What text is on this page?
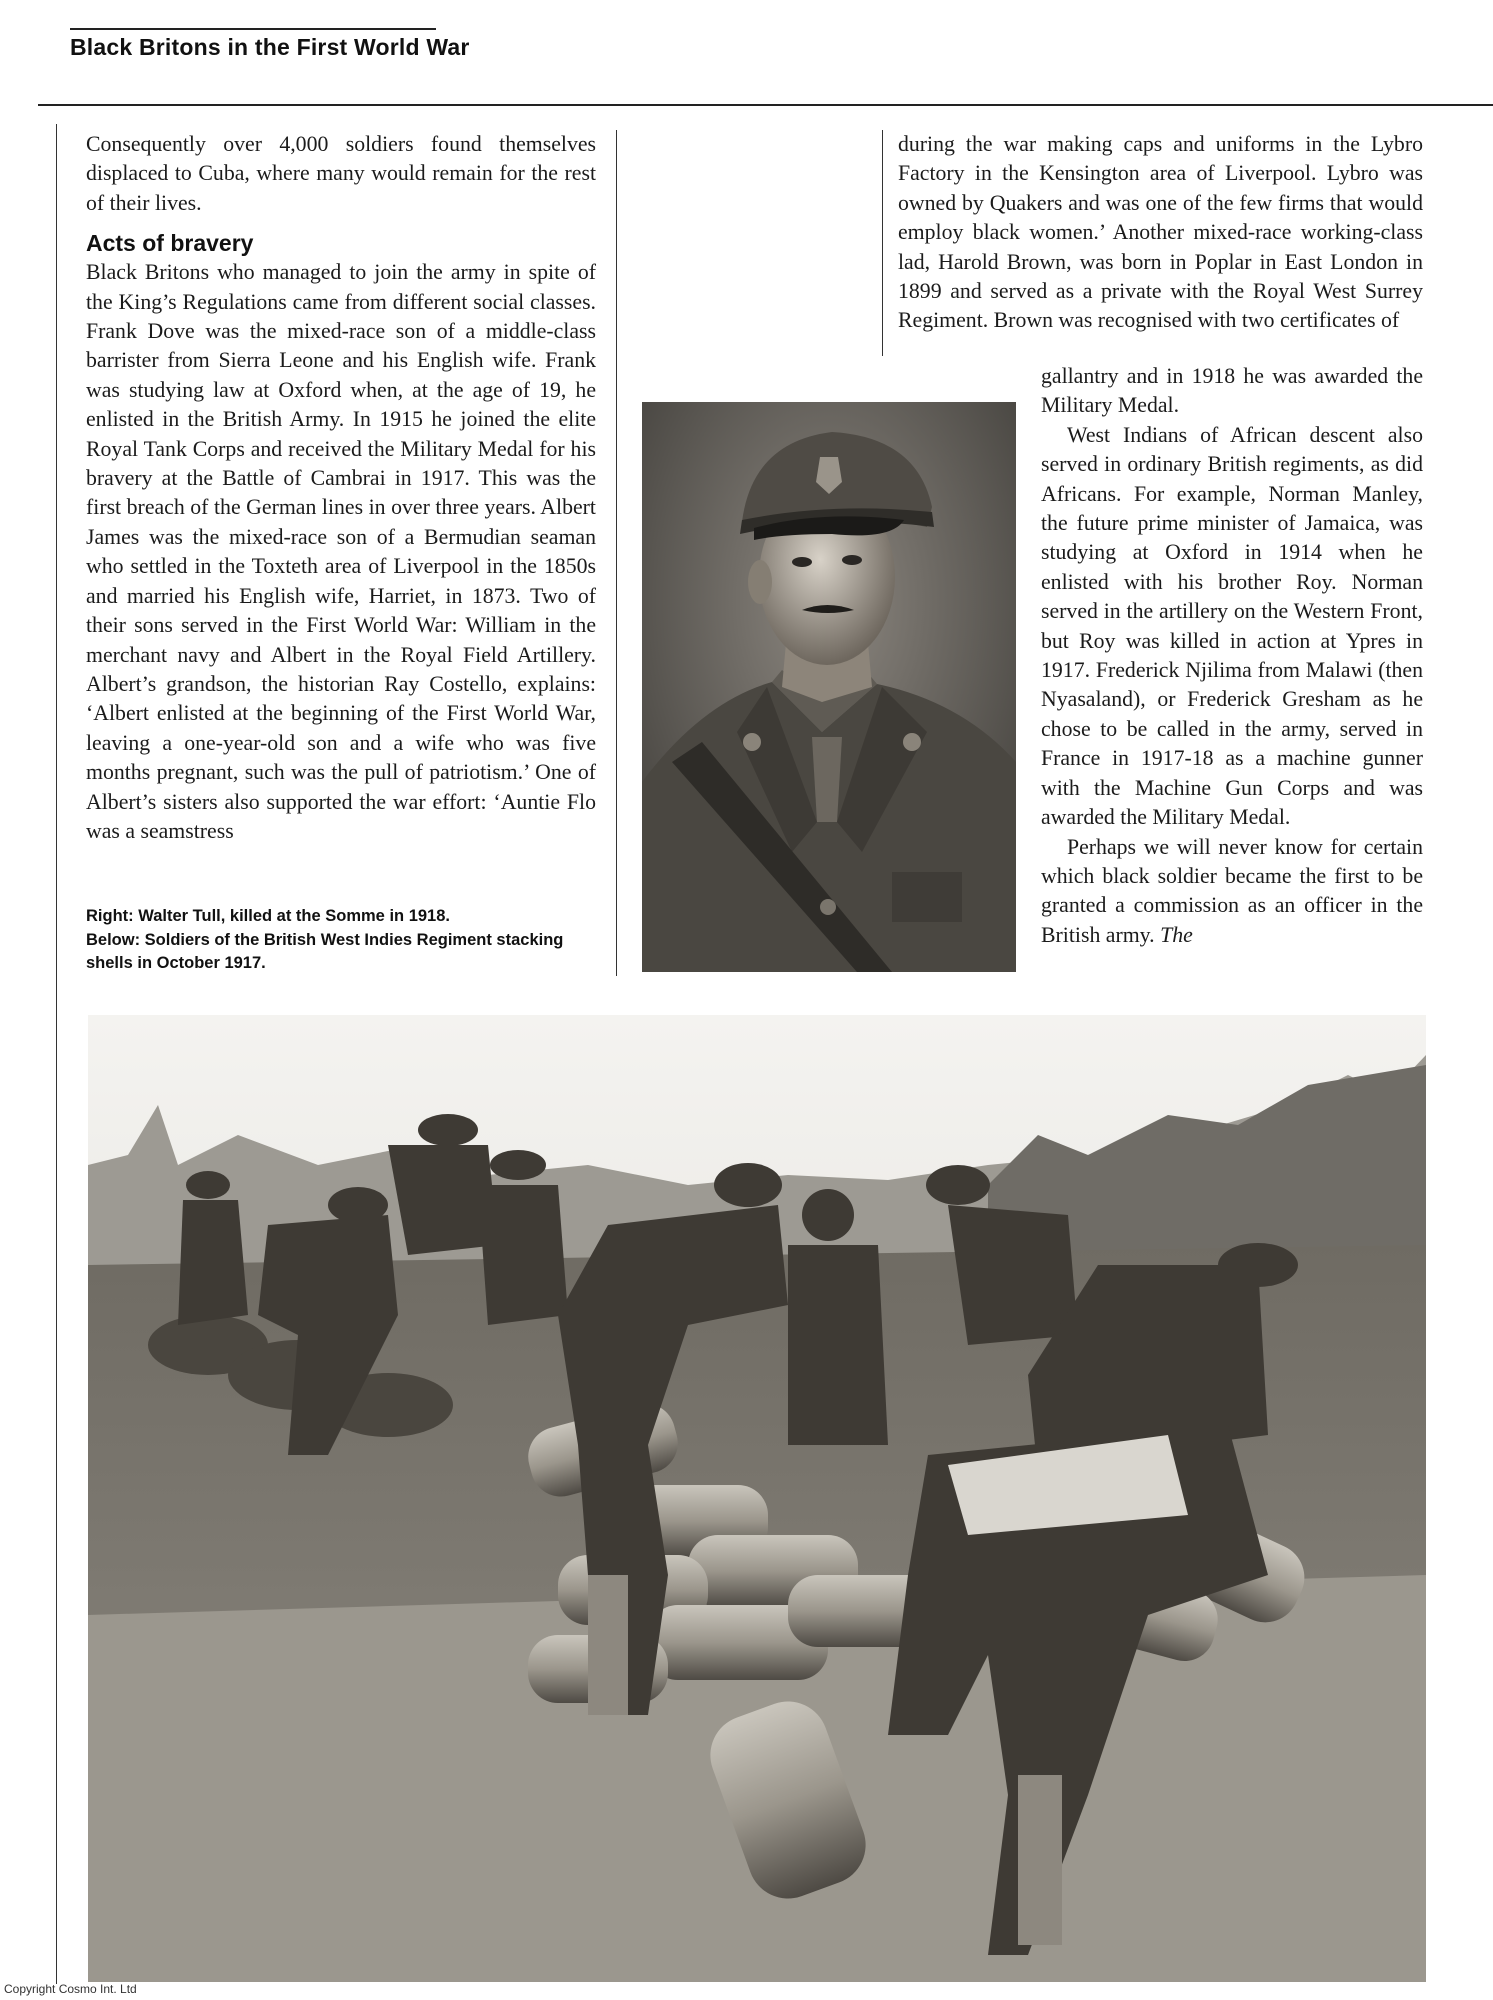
Black Britons in the First World War

Consequently over 4,000 soldiers found themselves displaced to Cuba, where many would remain for the rest of their lives.

Acts of bravery

Black Britons who managed to join the army in spite of the King’s Regulations came from different social classes. Frank Dove was the mixed-race son of a middle-class barrister from Sierra Leone and his English wife. Frank was studying law at Oxford when, at the age of 19, he enlisted in the British Army. In 1915 he joined the elite Royal Tank Corps and received the Military Medal for his bravery at the Battle of Cambrai in 1917. This was the first breach of the German lines in over three years. Albert James was the mixed-race son of a Bermudian seaman who settled in the Toxteth area of Liverpool in the 1850s and married his English wife, Harriet, in 1873. Two of their sons served in the First World War: William in the merchant navy and Albert in the Royal Field Artillery. Albert’s grandson, the historian Ray Costello, explains: ‘Albert enlisted at the beginning of the First World War, leaving a one-year-old son and a wife who was five months pregnant, such was the pull of patriotism.’ One of Albert’s sisters also supported the war effort: ‘Auntie Flo was a seamstress

Right: Walter Tull, killed at the Somme in 1918.

Below: Soldiers of the British West Indies Regiment stacking shells in October 1917.

during the war making caps and uniforms in the Lybro Factory in the Kensington area of Liverpool. Lybro was owned by Quakers and was one of the few firms that would employ black women.’ Another mixed-race working-class lad, Harold Brown, was born in Poplar in East London in 1899 and served as a private with the Royal West Surrey Regiment. Brown was recognised with two certificates of

gallantry and in 1918 he was awarded the Military Medal.

West Indians of African descent also served in ordinary British regiments, as did Africans. For example, Norman Manley, the future prime minister of Jamaica, was studying at Oxford in 1914 when he enlisted with his brother Roy. Norman served in the artillery on the Western Front, but Roy was killed in action at Ypres in 1917. Frederick Njilima from Malawi (then Nyasaland), or Frederick Gresham as he chose to be called in the army, served in France in 1917-18 as a machine gunner with the Machine Gun Corps and was awarded the Military Medal.

Perhaps we will never know for certain which black soldier became the first to be granted a commission as an officer in the British army. The

Copyright Cosmo Int. Ltd
